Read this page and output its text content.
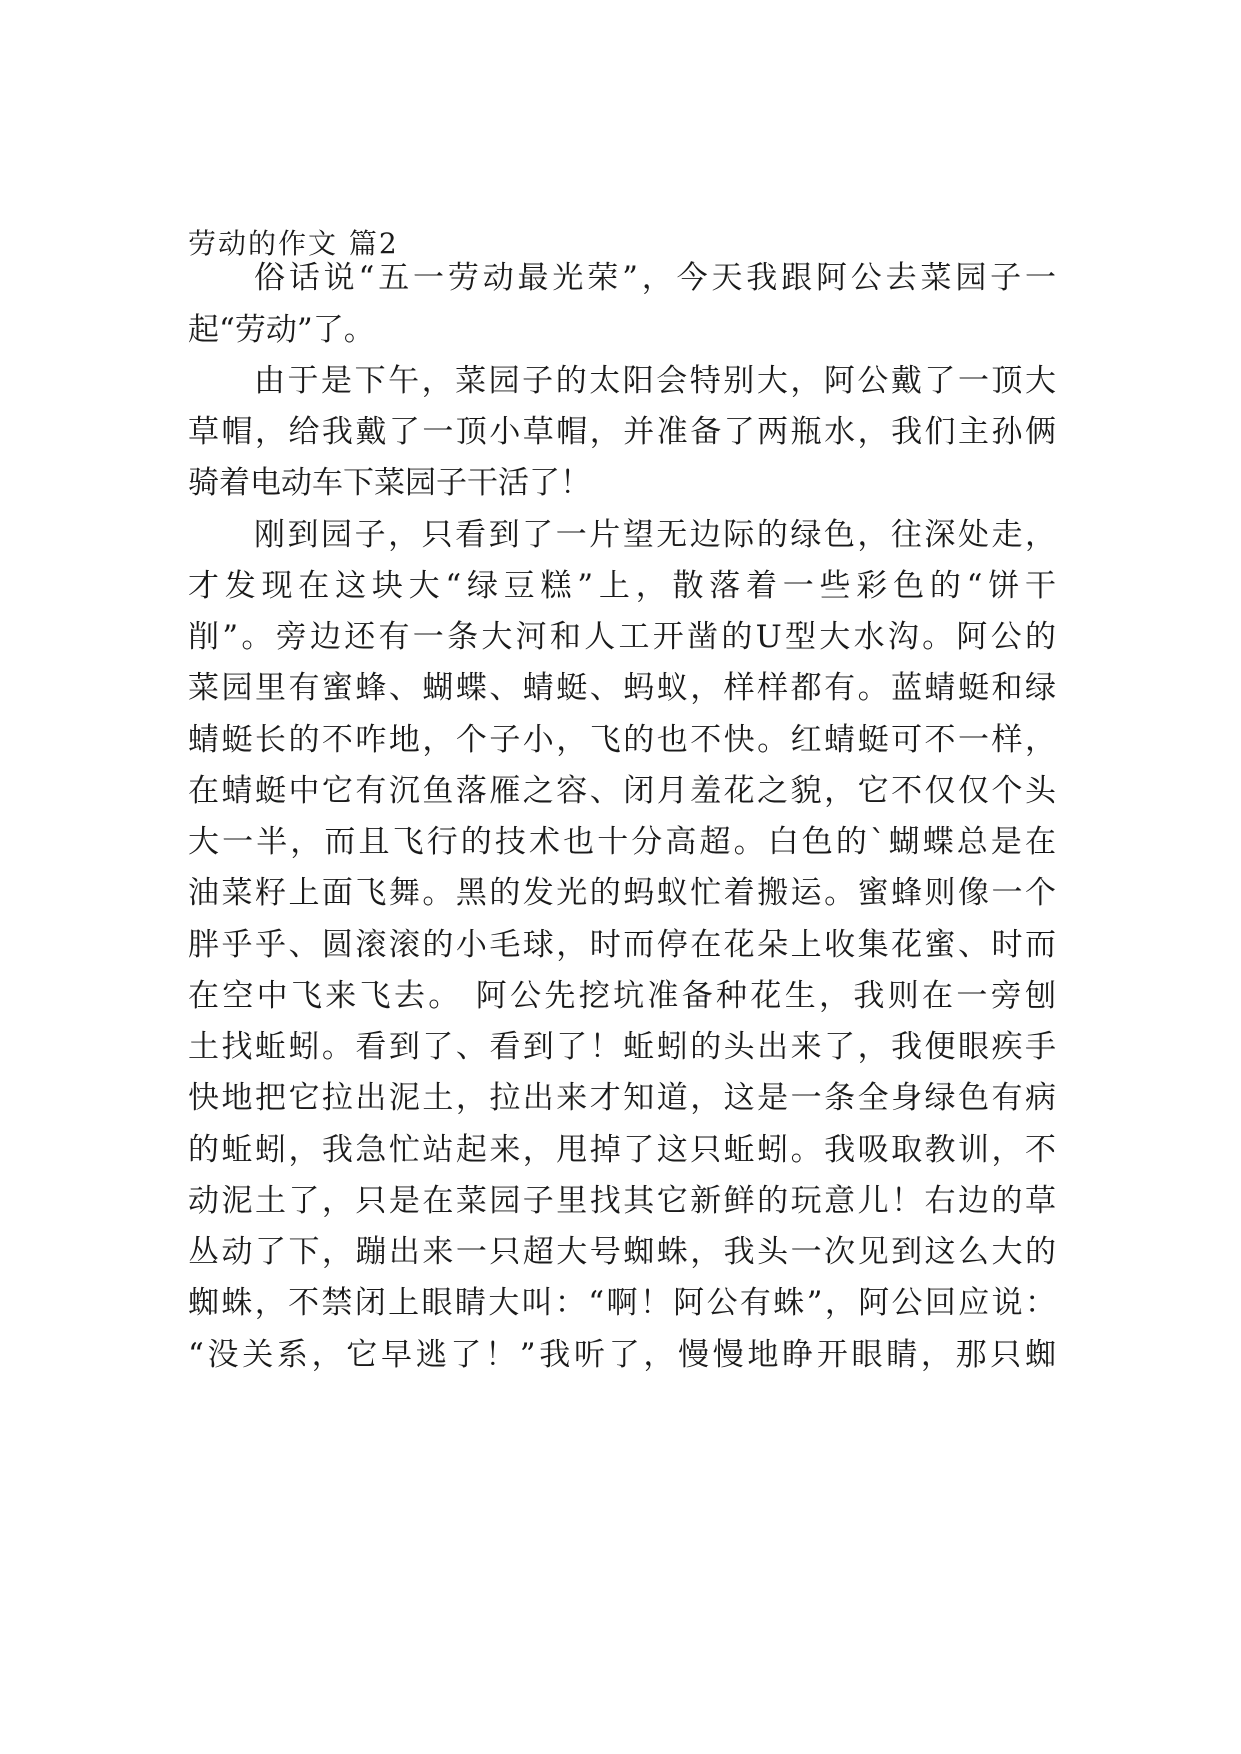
劳动的作文 篇2
俗话说“五一劳动最光荣”，今天我跟阿公去菜园子一
起“劳动”了。
由于是下午，菜园子的太阳会特别大，阿公戴了一顶大
草帽，给我戴了一顶小草帽，并准备了两瓶水，我们主孙俩
骑着电动车下菜园子干活了！
刚到园子，只看到了一片望无边际的绿色，往深处走，
才发现在这块大“绿豆糕”上，散落着一些彩色的“饼干
削”。旁边还有一条大河和人工开凿的U型大水沟。阿公的
菜园里有蜜蜂、蝴蝶、蜻蜓、蚂蚁，样样都有。蓝蜻蜓和绿
蜻蜓长的不咋地，个子小，飞的也不快。红蜻蜓可不一样，
在蜻蜓中它有沉鱼落雁之容、闭月羞花之貌，它不仅仅个头
大一半，而且飞行的技术也十分高超。白色的`蝴蝶总是在
油菜籽上面飞舞。黑的发光的蚂蚁忙着搬运。蜜蜂则像一个
胖乎乎、圆滚滚的小毛球，时而停在花朵上收集花蜜、时而
在空中飞来飞去。 阿公先挖坑准备种花生，我则在一旁刨
土找蚯蚓。看到了、看到了！蚯蚓的头出来了，我便眼疾手
快地把它拉出泥土，拉出来才知道，这是一条全身绿色有病
的蚯蚓，我急忙站起来，甩掉了这只蚯蚓。我吸取教训，不
动泥土了，只是在菜园子里找其它新鲜的玩意儿！右边的草
丛动了下，蹦出来一只超大号蜘蛛，我头一次见到这么大的
蜘蛛，不禁闭上眼睛大叫：“啊！阿公有蛛”，阿公回应说：
“没关系，它早逃了！”我听了，慢慢地睁开眼睛，那只蜘
